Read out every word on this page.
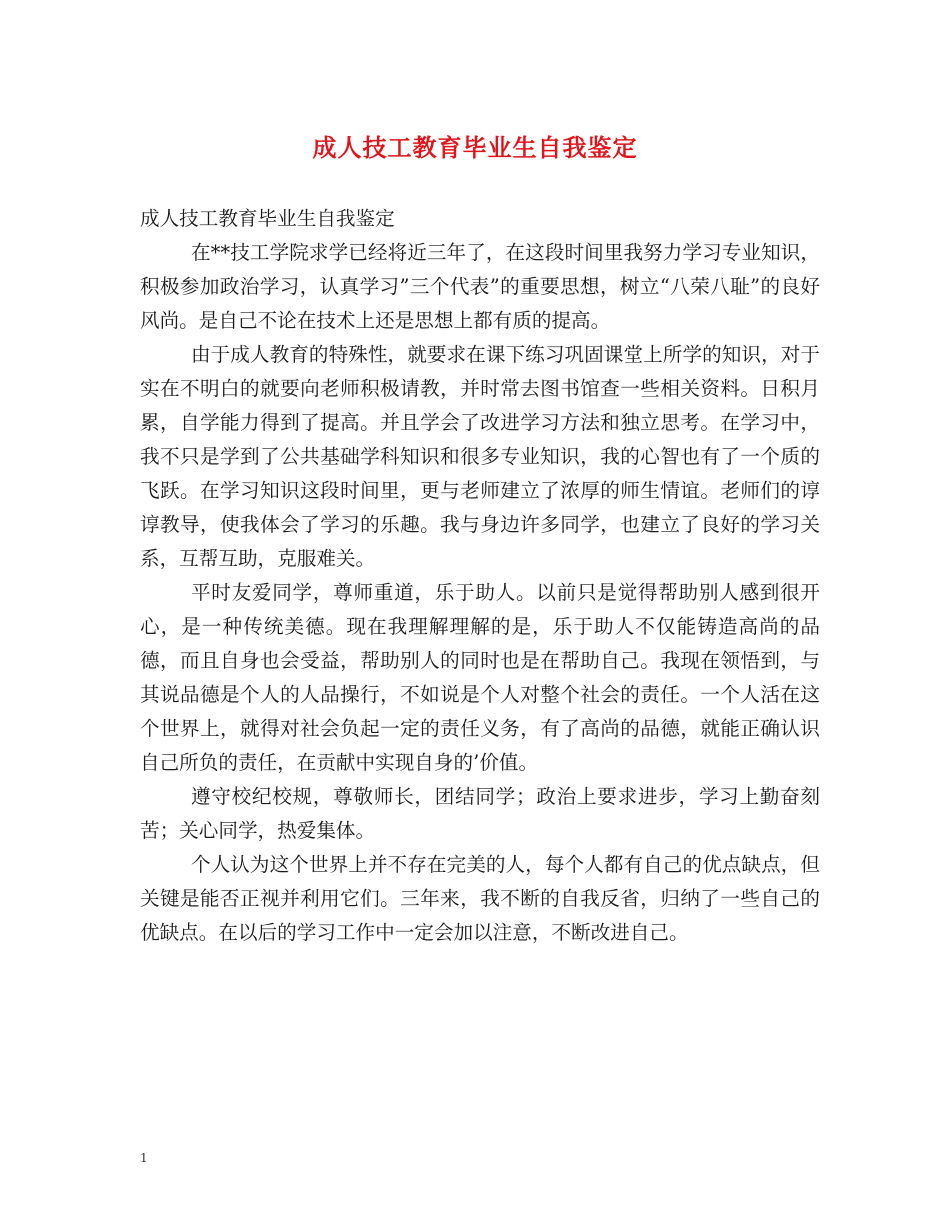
成人技工教育毕业生自我鉴定

成人技工教育毕业生自我鉴定

在**技工学院求学已经将近三年了，在这段时间里我努力学习专业知识，积极参加政治学习，认真学习”三个代表”的重要思想，树立“八荣八耻”的良好风尚。是自己不论在技术上还是思想上都有质的提高。

由于成人教育的特殊性，就要求在课下练习巩固课堂上所学的知识，对于实在不明白的就要向老师积极请教，并时常去图书馆查一些相关资料。日积月累，自学能力得到了提高。并且学会了改进学习方法和独立思考。在学习中，我不只是学到了公共基础学科知识和很多专业知识，我的心智也有了一个质的飞跃。在学习知识这段时间里，更与老师建立了浓厚的师生情谊。老师们的谆谆教导，使我体会了学习的乐趣。我与身边许多同学，也建立了良好的学习关系，互帮互助，克服难关。

平时友爱同学，尊师重道，乐于助人。以前只是觉得帮助别人感到很开心，是一种传统美德。现在我理解理解的是，乐于助人不仅能铸造高尚的品德，而且自身也会受益，帮助别人的同时也是在帮助自己。我现在领悟到，与其说品德是个人的人品操行，不如说是个人对整个社会的责任。一个人活在这个世界上，就得对社会负起一定的责任义务，有了高尚的品德，就能正确认识自己所负的责任，在贡献中实现自身的’价值。

遵守校纪校规，尊敬师长，团结同学；政治上要求进步，学习上勤奋刻苦；关心同学，热爱集体。

个人认为这个世界上并不存在完美的人，每个人都有自己的优点缺点，但关键是能否正视并利用它们。三年来，我不断的自我反省，归纳了一些自己的优缺点。在以后的学习工作中一定会加以注意，不断改进自己。

1
